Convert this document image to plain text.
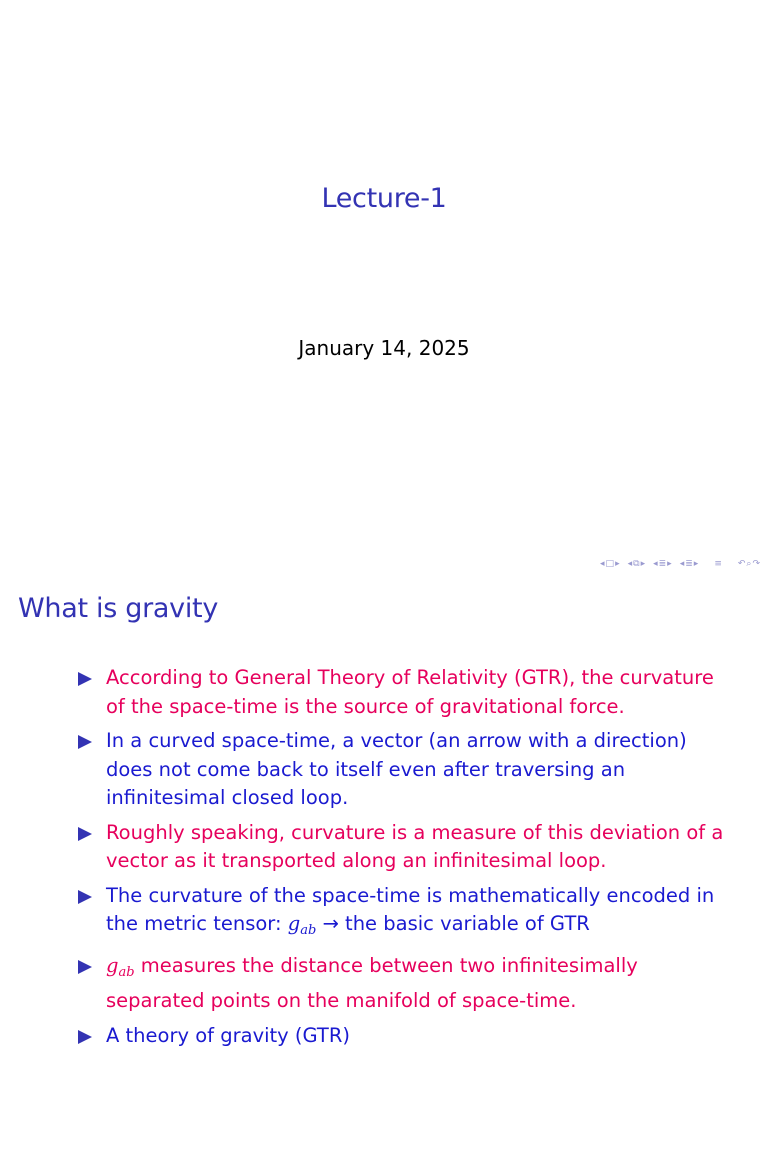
Lecture-1
January 14, 2025
◂ □ ▸ ◂ ⧉ ▸ ◂ ≣ ▸ ◂ ≣ ▸ ≡ ↶ ⌕ ↷
What is gravity
According to General Theory of Relativity (GTR), the curvature of the space-time is the source of gravitational force.
In a curved space-time, a vector (an arrow with a direction) does not come back to itself even after traversing an infinitesimal closed loop.
Roughly speaking, curvature is a measure of this deviation of a vector as it transported along an infinitesimal loop.
The curvature of the space-time is mathematically encoded in the metric tensor: $g_{ab}$ → the basic variable of GTR
$g_{ab}$ measures the distance between two infinitesimally separated points on the manifold of space-time.
A theory of gravity (GTR)
